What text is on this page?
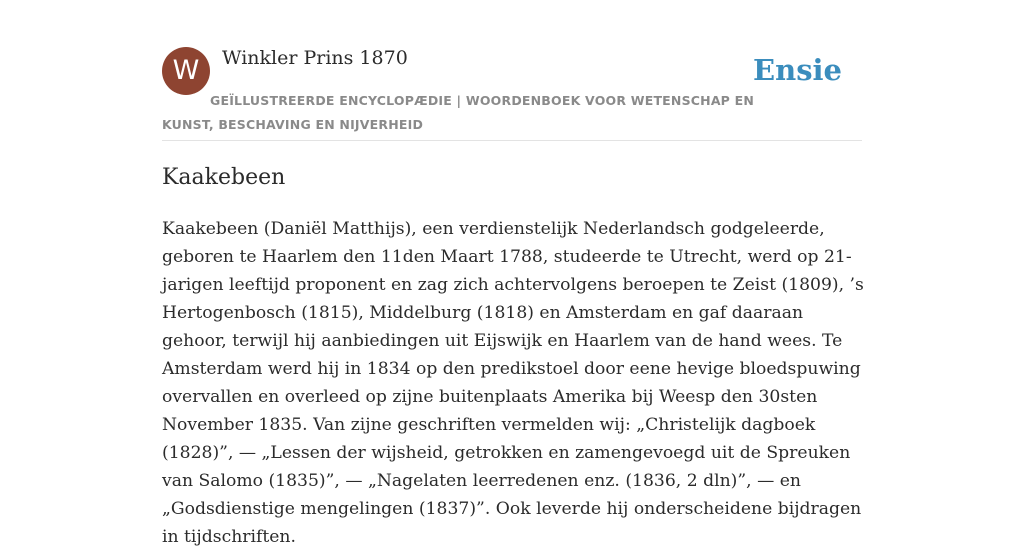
W	Winkler Prins 1870	Ensie
GEÏLLUSTREERDE ENCYCLOPÆDIE | WOORDENBOEK VOOR WETENSCHAP EN KUNST, BESCHAVING EN NIJVERHEID
Kaakebeen

Kaakebeen (Daniël Matthijs), een verdienstelijk Nederlandsch godgeleerde, geboren te Haarlem den 11den Maart 1788, studeerde te Utrecht, werd op 21-jarigen leeftijd proponent en zag zich achtervolgens beroepen te Zeist (1809), ’s Hertogenbosch (1815), Middelburg (1818) en Amsterdam en gaf daaraan gehoor, terwijl hij aanbiedingen uit Eijswijk en Haarlem van de hand wees. Te Amsterdam werd hij in 1834 op den predikstoel door eene hevige bloedspuwing overvallen en overleed op zijne buitenplaats Amerika bij Weesp den 30sten November 1835. Van zijne geschriften vermelden wij: „Christelijk dagboek (1828)”, — „Lessen der wijsheid, getrokken en zamengevoegd uit de Spreuken van Salomo (1835)”, — „Nagelaten leerredenen enz. (1836, 2 dln)”, — en „Godsdienstige mengelingen (1837)”. Ook leverde hij onderscheidene bijdragen in tijdschriften.
